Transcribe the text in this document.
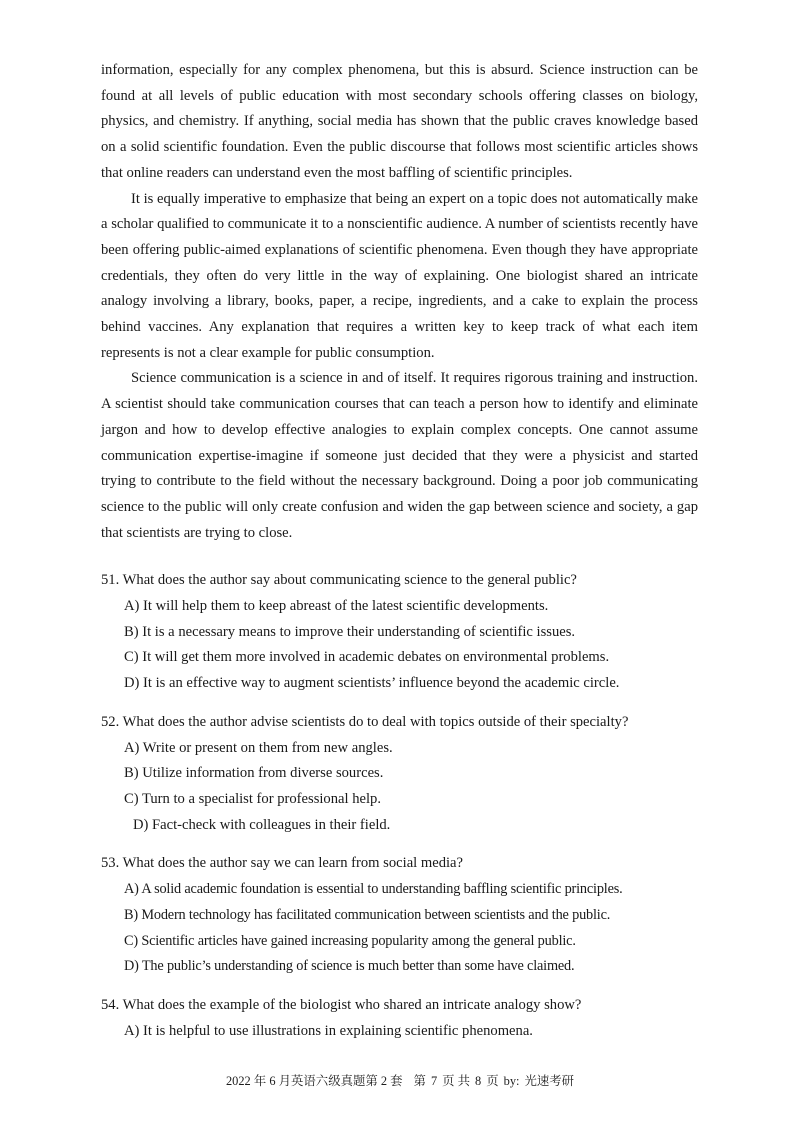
information, especially for any complex phenomena, but this is absurd. Science instruction can be found at all levels of public education with most secondary schools offering classes on biology, physics, and chemistry. If anything, social media has shown that the public craves knowledge based on a solid scientific foundation. Even the public discourse that follows most scientific articles shows that online readers can understand even the most baffling of scientific principles.

It is equally imperative to emphasize that being an expert on a topic does not automatically make a scholar qualified to communicate it to a nonscientific audience. A number of scientists recently have been offering public-aimed explanations of scientific phenomena. Even though they have appropriate credentials, they often do very little in the way of explaining. One biologist shared an intricate analogy involving a library, books, paper, a recipe, ingredients, and a cake to explain the process behind vaccines. Any explanation that requires a written key to keep track of what each item represents is not a clear example for public consumption.

Science communication is a science in and of itself. It requires rigorous training and instruction. A scientist should take communication courses that can teach a person how to identify and eliminate jargon and how to develop effective analogies to explain complex concepts. One cannot assume communication expertise-imagine if someone just decided that they were a physicist and started trying to contribute to the field without the necessary background. Doing a poor job communicating science to the public will only create confusion and widen the gap between science and society, a gap that scientists are trying to close.

51. What does the author say about communicating science to the general public?

A) It will help them to keep abreast of the latest scientific developments.

B) It is a necessary means to improve their understanding of scientific issues.

C) It will get them more involved in academic debates on environmental problems.

D) It is an effective way to augment scientists’ influence beyond the academic circle.

52. What does the author advise scientists do to deal with topics outside of their specialty?

A) Write or present on them from new angles.

B) Utilize information from diverse sources.

C) Turn to a specialist for professional help.

D) Fact-check with colleagues in their field.

53. What does the author say we can learn from social media?

A) A solid academic foundation is essential to understanding baffling scientific principles.

B) Modern technology has facilitated communication between scientists and the public.

C) Scientific articles have gained increasing popularity among the general public.

D) The public’s understanding of science is much better than some have claimed.

54. What does the example of the biologist who shared an intricate analogy show?

A) It is helpful to use illustrations in explaining scientific phenomena.

2022 年 6 月英语六级真题第 2 套 第 7 页 共 8 页 by: 光速考研
